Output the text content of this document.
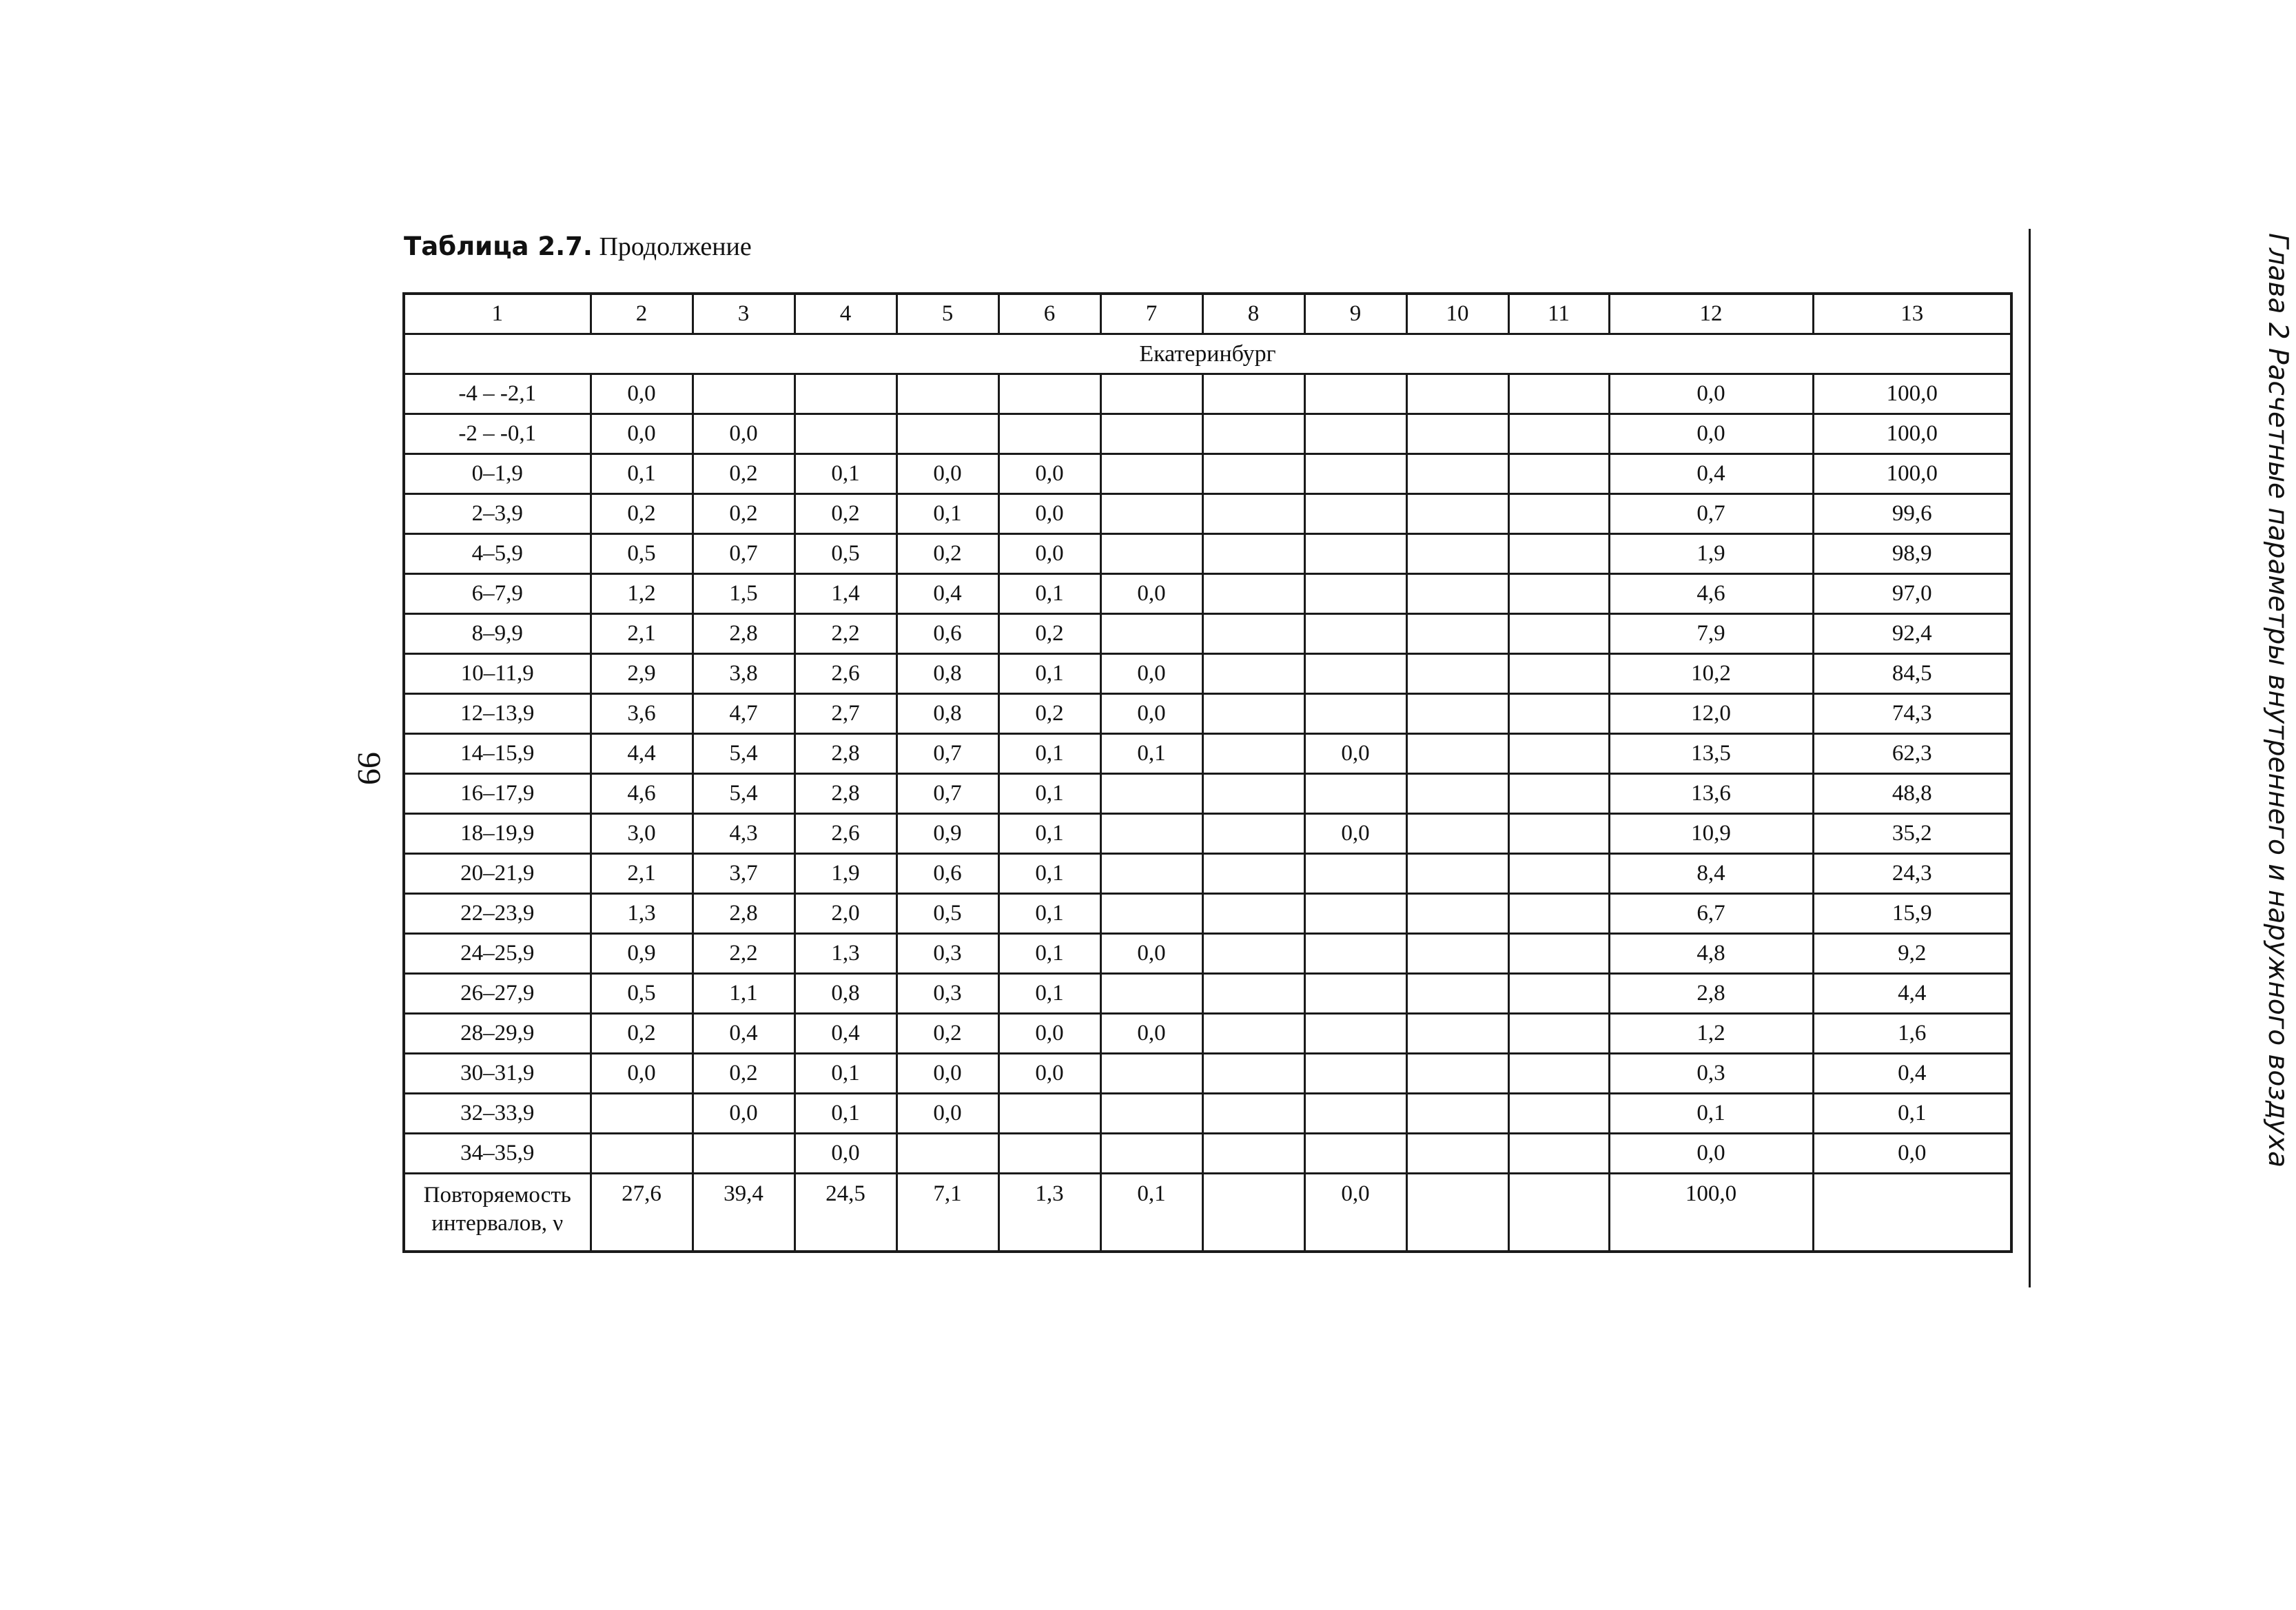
Таблица 2.7. Продолжение
1	2	3	4	5	6	7	8	9	10	11	12	13
Екатеринбург												
-4 – -2,1	0,0										0,0	100,0
-2 – -0,1	0,0	0,0									0,0	100,0
0–1,9	0,1	0,2	0,1	0,0	0,0						0,4	100,0
2–3,9	0,2	0,2	0,2	0,1	0,0						0,7	99,6
4–5,9	0,5	0,7	0,5	0,2	0,0						1,9	98,9
6–7,9	1,2	1,5	1,4	0,4	0,1	0,0					4,6	97,0
8–9,9	2,1	2,8	2,2	0,6	0,2						7,9	92,4
10–11,9	2,9	3,8	2,6	0,8	0,1	0,0					10,2	84,5
12–13,9	3,6	4,7	2,7	0,8	0,2	0,0					12,0	74,3
14–15,9	4,4	5,4	2,8	0,7	0,1	0,1		0,0			13,5	62,3
16–17,9	4,6	5,4	2,8	0,7	0,1						13,6	48,8
18–19,9	3,0	4,3	2,6	0,9	0,1			0,0			10,9	35,2
20–21,9	2,1	3,7	1,9	0,6	0,1						8,4	24,3
22–23,9	1,3	2,8	2,0	0,5	0,1						6,7	15,9
24–25,9	0,9	2,2	1,3	0,3	0,1	0,0					4,8	9,2
26–27,9	0,5	1,1	0,8	0,3	0,1						2,8	4,4
28–29,9	0,2	0,4	0,4	0,2	0,0	0,0					1,2	1,6
30–31,9	0,0	0,2	0,1	0,0	0,0						0,3	0,4
32–33,9		0,0	0,1	0,0							0,1	0,1
34–35,9			0,0								0,0	0,0

Повторяемость
интервалов, ν	27,6	39,4	24,5	7,1	1,3	0,1		0,0			100,0	
99	Глава 2 Расчетные параметры внутреннего и наружного воздуха
